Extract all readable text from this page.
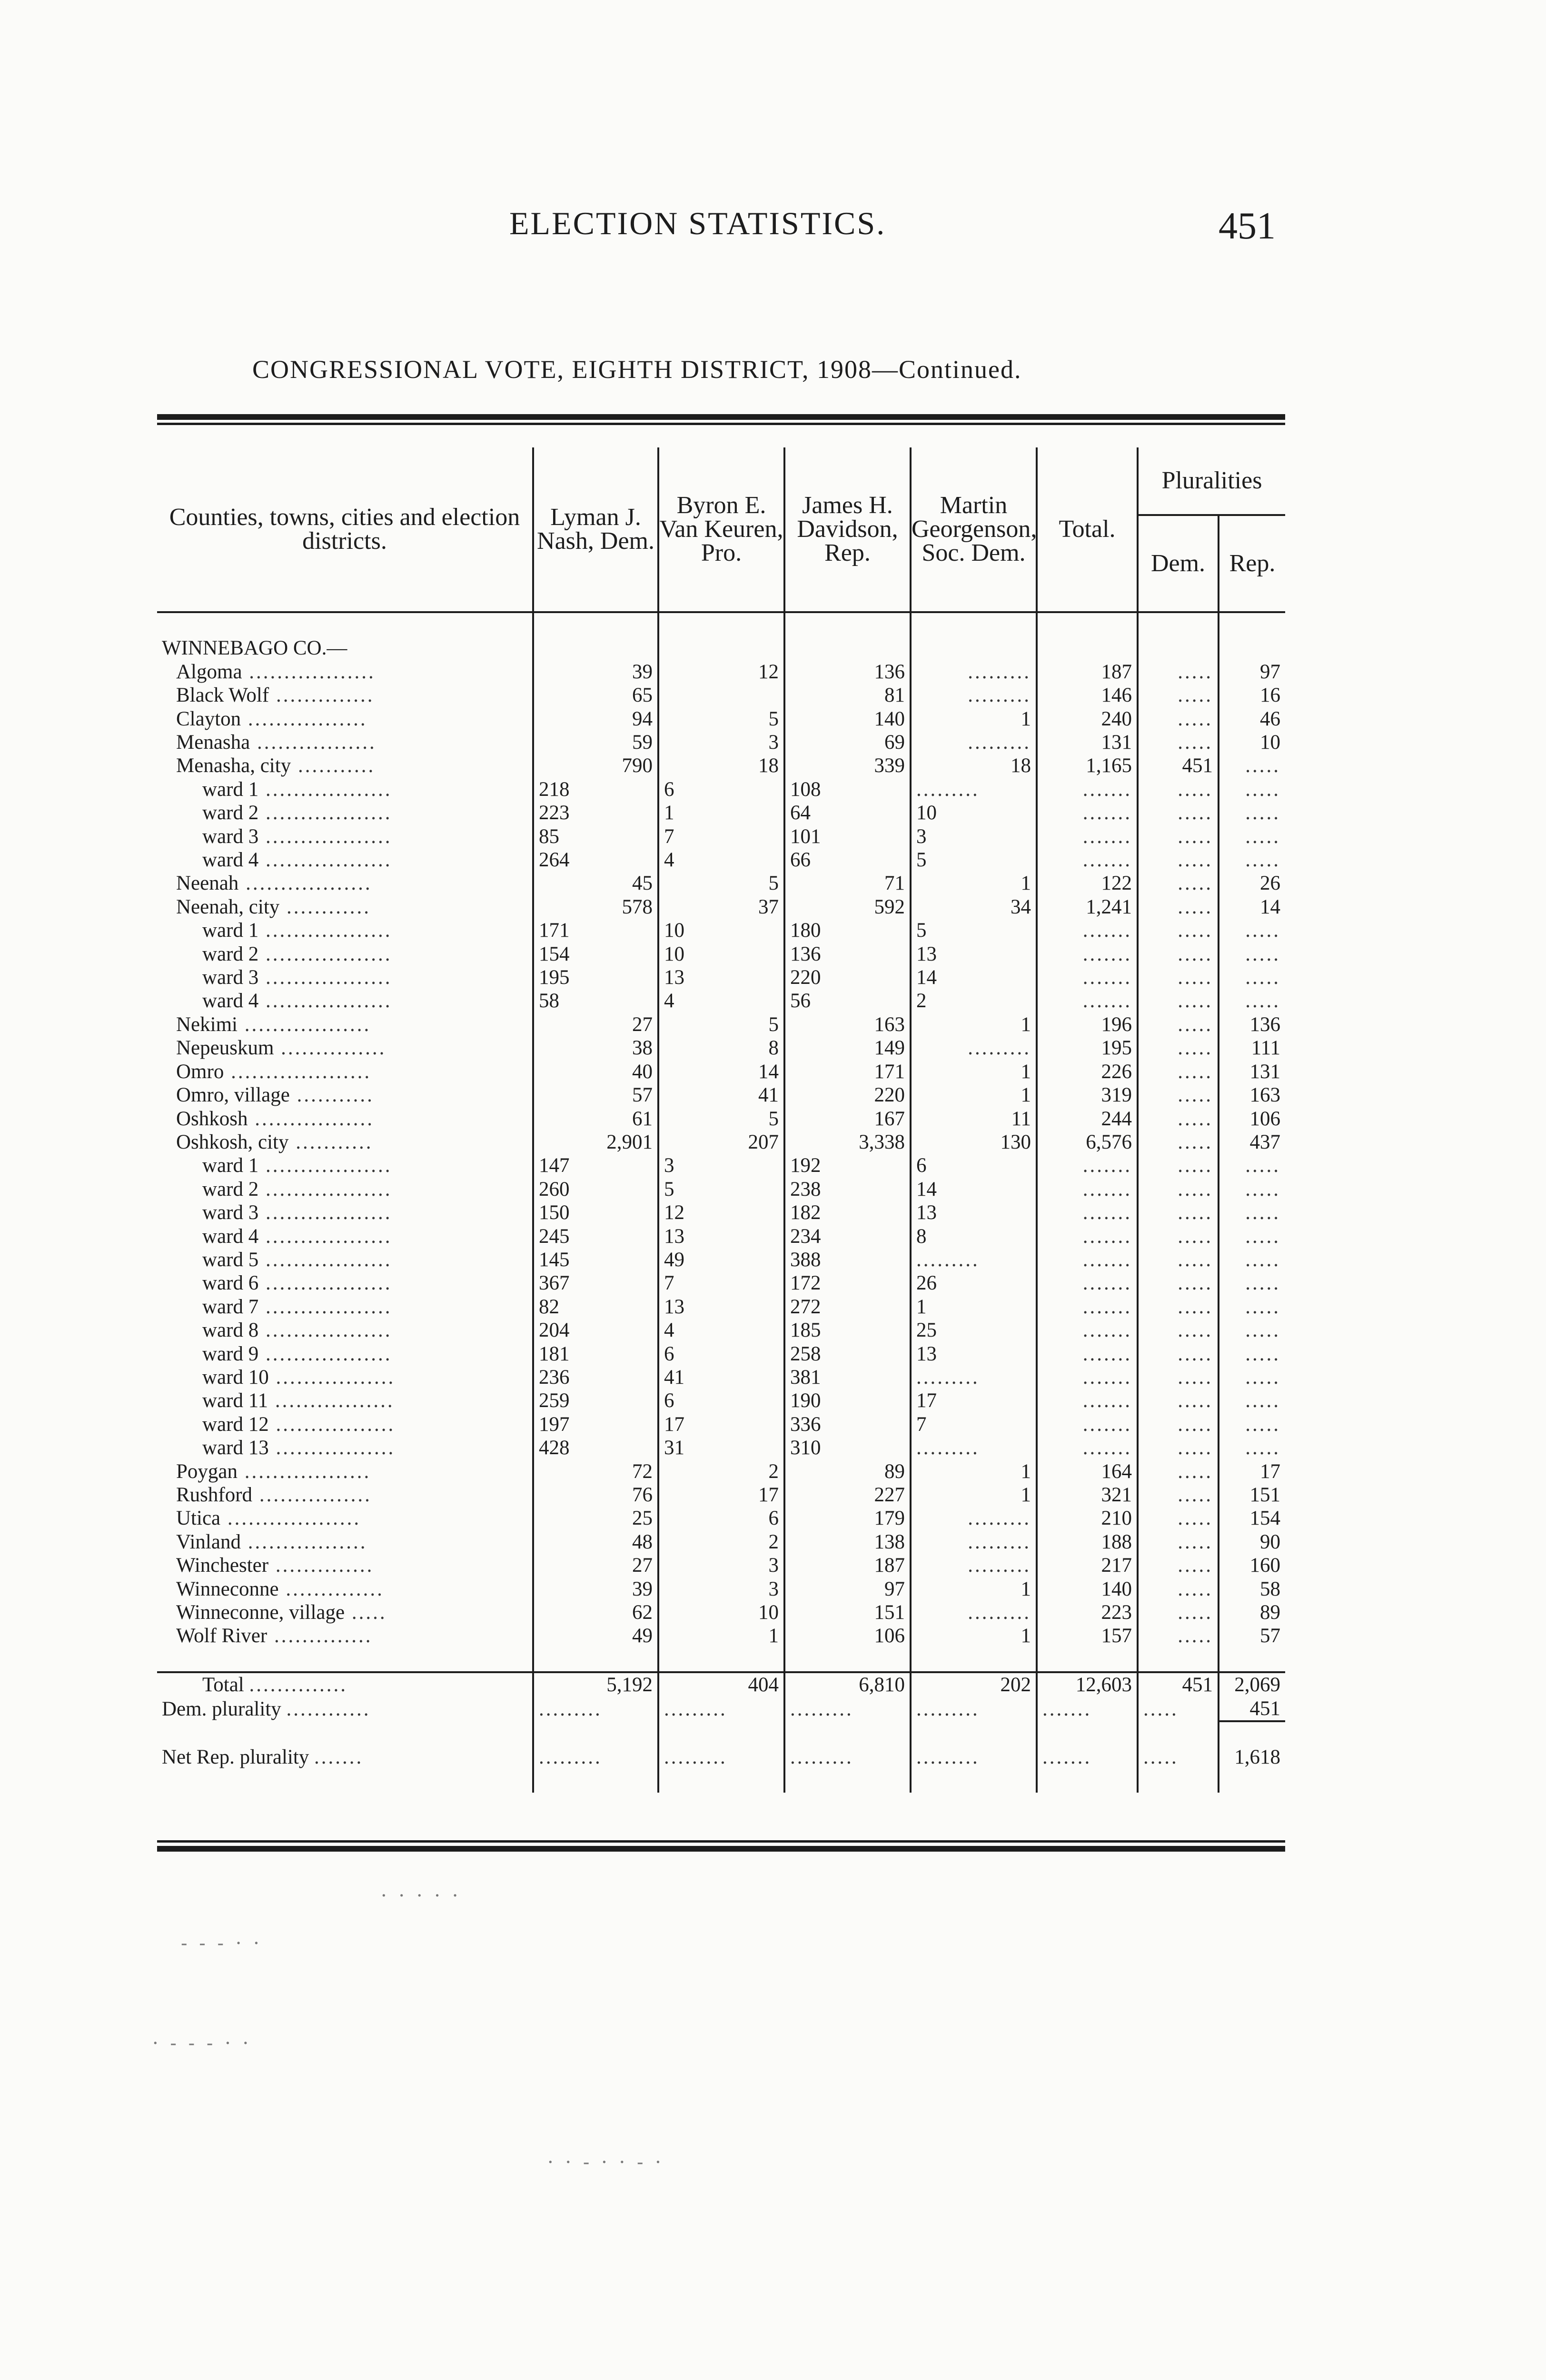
ELECTION STATISTICS.	451
CONGRESSIONAL VOTE, EIGHTH DISTRICT, 1908—Continued.
Counties, towns, cities and election districts.	Lyman J. Nash, Dem.	Byron E. Van Keuren, Pro.	James H. Davidson, Rep.	Martin Georgenson, Soc. Dem.	Total.	Pluralities	
						Dem.	Rep.

WINNEBAGO CO.—							
Algoma ..................	39	12	136	.........	187	.....	97
Black Wolf ..............	65		81	.........	146	.....	16
Clayton .................	94	5	140	1	240	.....	46
Menasha .................	59	3	69	.........	131	.....	10
Menasha, city ...........	790	18	339	18	1,165	451	.....
ward 1 ..................	218	6	108	.........	.......	.....	.....
ward 2 ..................	223	1	64	10	.......	.....	.....
ward 3 ..................	85	7	101	3	.......	.....	.....
ward 4 ..................	264	4	66	5	.......	.....	.....
Neenah ..................	45	5	71	1	122	.....	26
Neenah, city ............	578	37	592	34	1,241	.....	14
ward 1 ..................	171	10	180	5	.......	.....	.....
ward 2 ..................	154	10	136	13	.......	.....	.....
ward 3 ..................	195	13	220	14	.......	.....	.....
ward 4 ..................	58	4	56	2	.......	.....	.....
Nekimi ..................	27	5	163	1	196	.....	136
Nepeuskum ...............	38	8	149	.........	195	.....	111
Omro ....................	40	14	171	1	226	.....	131
Omro, village ...........	57	41	220	1	319	.....	163
Oshkosh .................	61	5	167	11	244	.....	106
Oshkosh, city ...........	2,901	207	3,338	130	6,576	.....	437
ward 1 ..................	147	3	192	6	.......	.....	.....
ward 2 ..................	260	5	238	14	.......	.....	.....
ward 3 ..................	150	12	182	13	.......	.....	.....
ward 4 ..................	245	13	234	8	.......	.....	.....
ward 5 ..................	145	49	388	.........	.......	.....	.....
ward 6 ..................	367	7	172	26	.......	.....	.....
ward 7 ..................	82	13	272	1	.......	.....	.....
ward 8 ..................	204	4	185	25	.......	.....	.....
ward 9 ..................	181	6	258	13	.......	.....	.....
ward 10 .................	236	41	381	.........	.......	.....	.....
ward 11 .................	259	6	190	17	.......	.....	.....
ward 12 .................	197	17	336	7	.......	.....	.....
ward 13 .................	428	31	310	.........	.......	.....	.....
Poygan ..................	72	2	89	1	164	.....	17
Rushford ................	76	17	227	1	321	.....	151
Utica ...................	25	6	179	.........	210	.....	154
Vinland .................	48	2	138	.........	188	.....	90
Winchester ..............	27	3	187	.........	217	.....	160
Winneconne ..............	39	3	97	1	140	.....	58
Winneconne, village .....	62	10	151	.........	223	.....	89
Wolf River ..............	49	1	106	1	157	.....	57

Total ..............	5,192	404	6,810	202	12,603	451	2,069
Dem. plurality ............	.........	.........	.........	.........	.......	.....	451

Net Rep. plurality .......	.........	.........	.........	.........	.......	.....	1,618

· · · · ·
- - - · ·
· - - - · ·
· · - · · - ·
